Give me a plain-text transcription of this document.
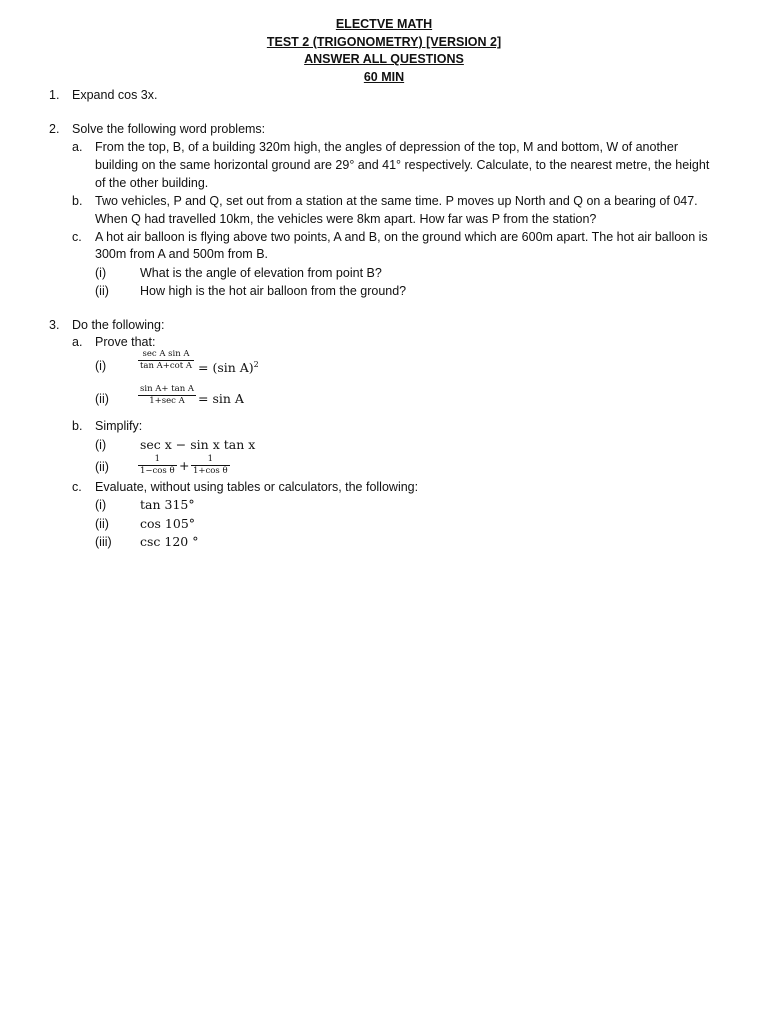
ELECTVE MATH
TEST 2 (TRIGONOMETRY) [VERSION 2]
ANSWER ALL QUESTIONS
60 MIN
1. Expand cos 3x.
2. Solve the following word problems:
a. From the top, B, of a building 320m high, the angles of depression of the top, M and bottom, W of another
building on the same horizontal ground are 29° and 41° respectively. Calculate, to the nearest metre, the height
of the other building.
b. Two vehicles, P and Q, set out from a station at the same time. P moves up North and Q on a bearing of 047.
When Q had travelled 10km, the vehicles were 8km apart. How far was P from the station?
c. A hot air balloon is flying above two points, A and B, on the ground which are 600m apart. The hot air balloon is
300m from A and 500m from B.
(i)	What is the angle of elevation from point B?
(ii) How high is the hot air balloon from the ground?
3. Do the following:
a. Prove that:
(i)
sec A sin A
tan A+cot A = (sin A)$^2$
(ii)
sin A+ tan A
1+sec A	= sin A
b. Simplify:
(i)	sec x − sin x tan x
(ii)
1
1−cos θ +	1
1+cos θ
c. Evaluate, without using tables or calculators, the following:
(i)	tan 315°
(ii) cos 105°
(iii) csc 120 °
